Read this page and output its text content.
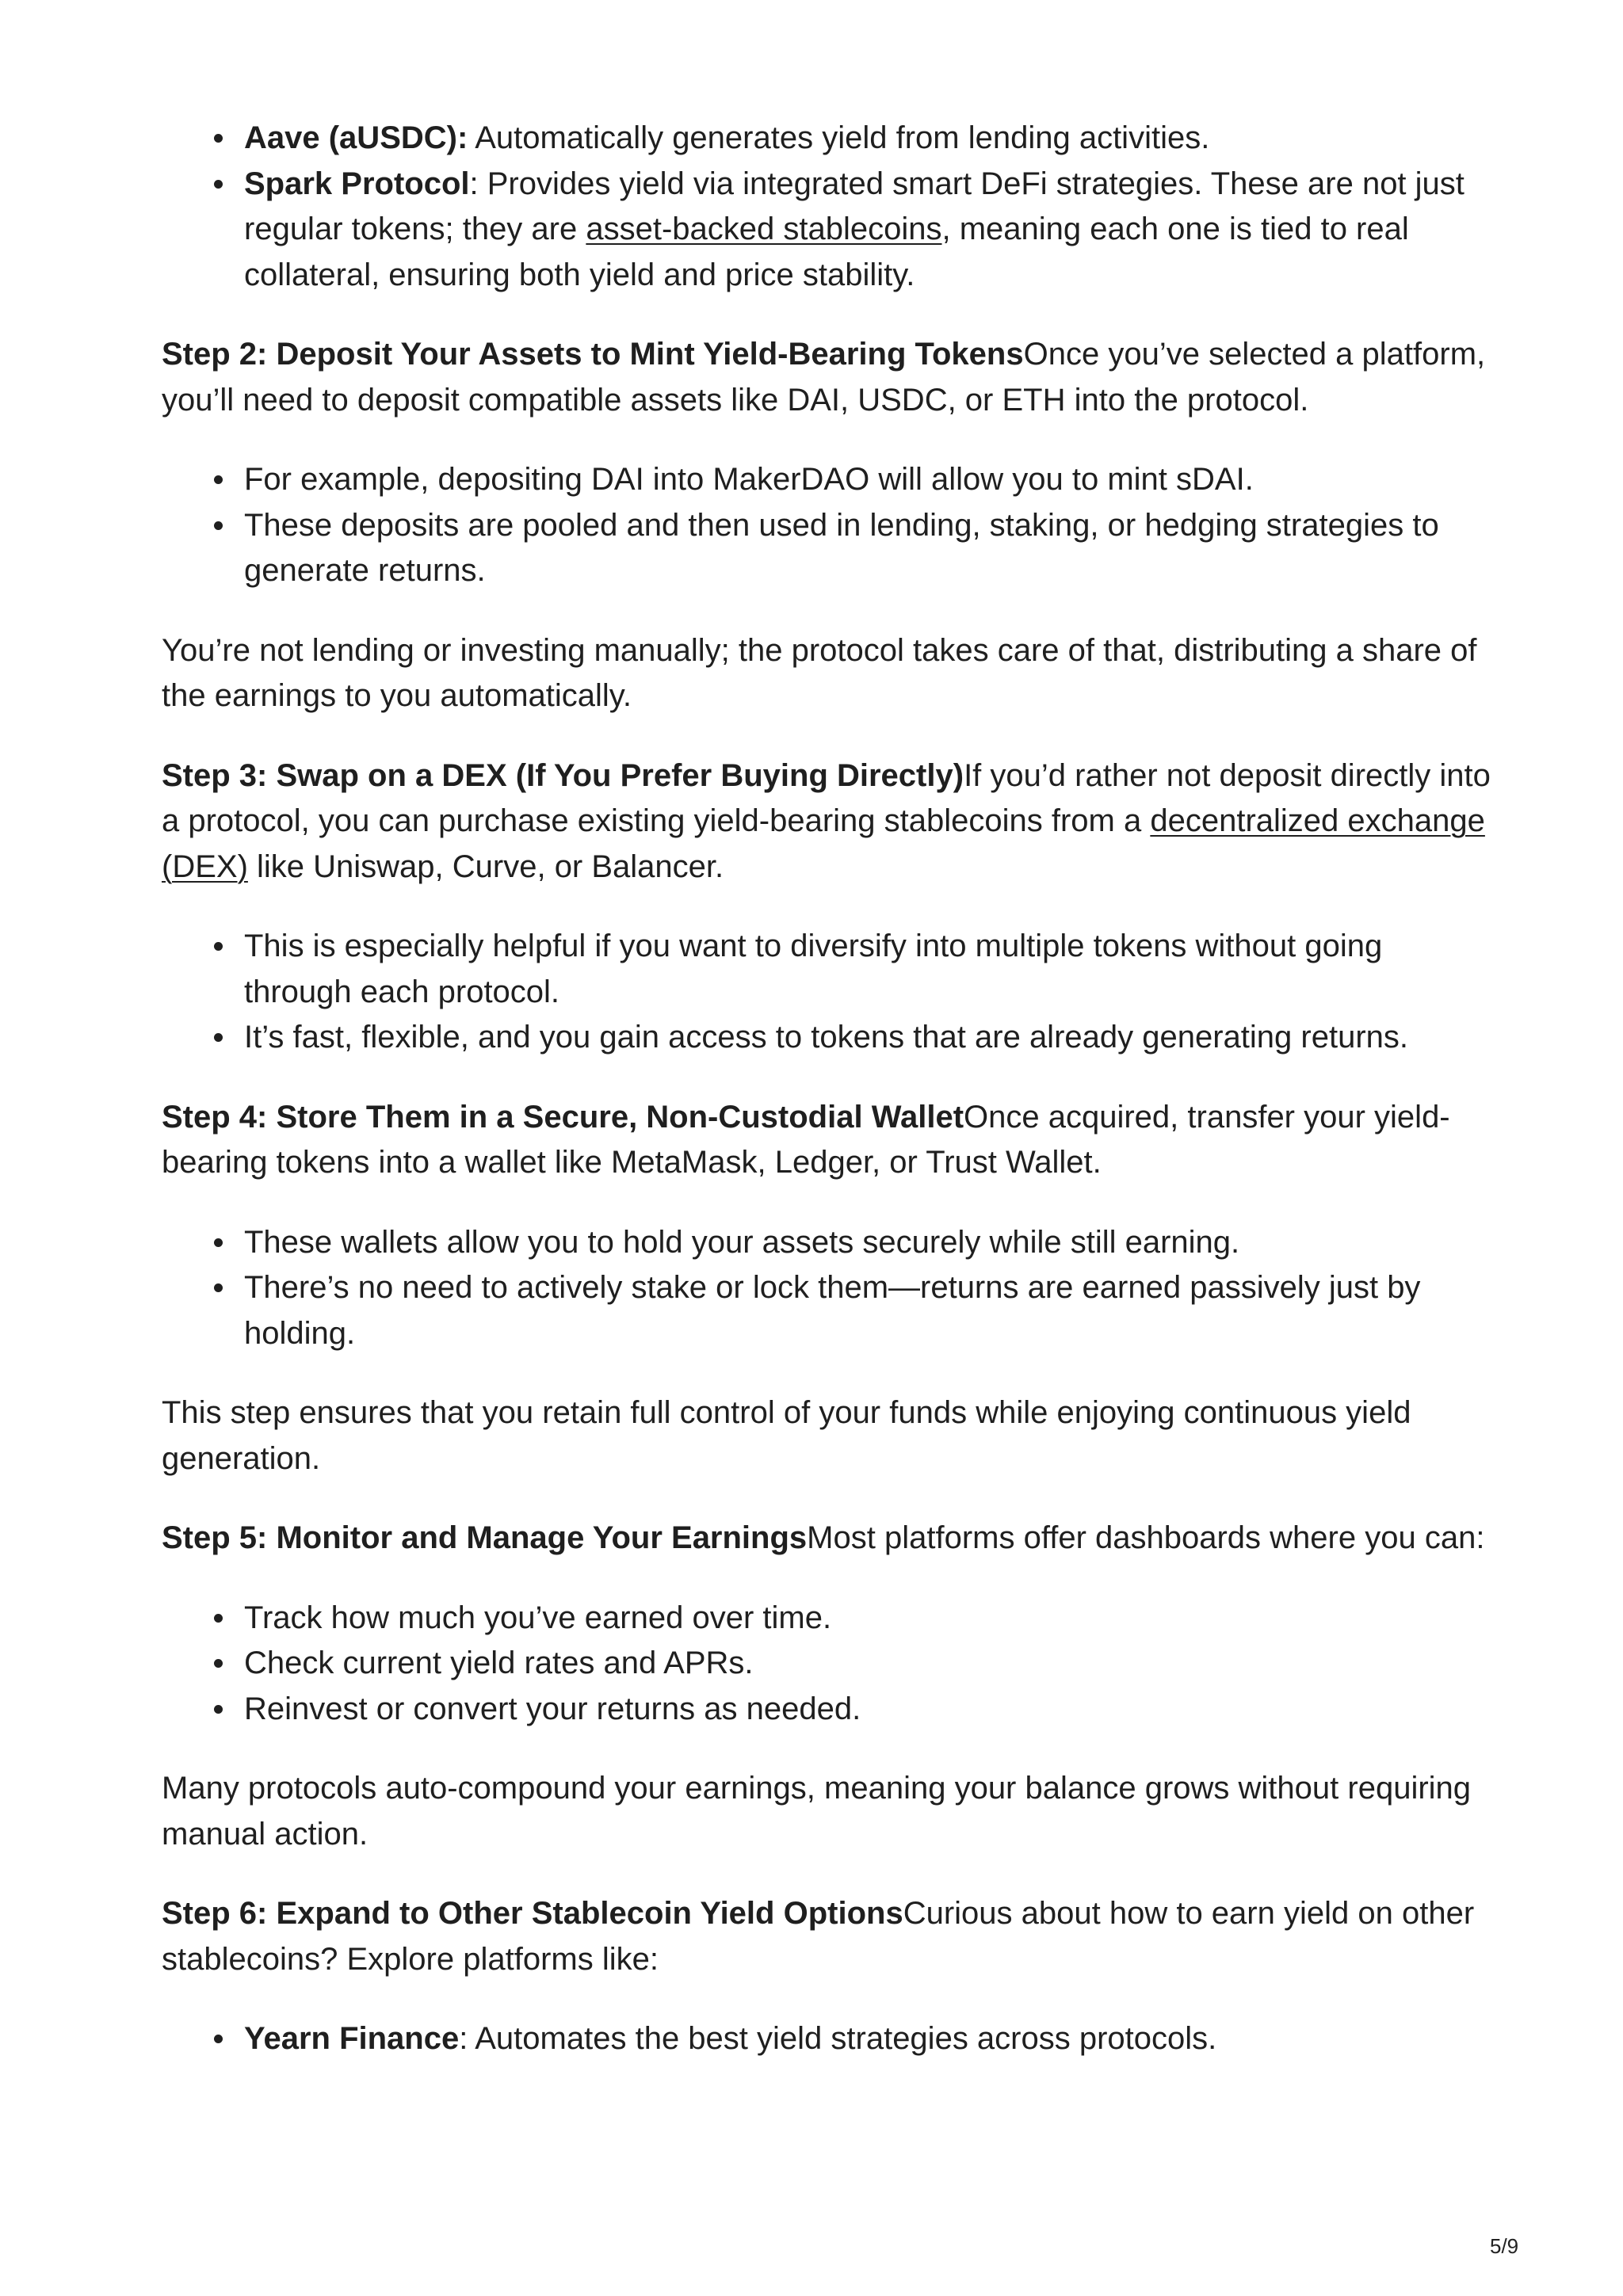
Aave (aUSDC): Automatically generates yield from lending activities.
Spark Protocol: Provides yield via integrated smart DeFi strategies. These are not just regular tokens; they are asset-backed stablecoins, meaning each one is tied to real collateral, ensuring both yield and price stability.

Step 2: Deposit Your Assets to Mint Yield-Bearing TokensOnce you’ve selected a platform, you’ll need to deposit compatible assets like DAI, USDC, or ETH into the protocol.

For example, depositing DAI into MakerDAO will allow you to mint sDAI.
These deposits are pooled and then used in lending, staking, or hedging strategies to generate returns.

You’re not lending or investing manually; the protocol takes care of that, distributing a share of the earnings to you automatically.

Step 3: Swap on a DEX (If You Prefer Buying Directly)If you’d rather not deposit directly into a protocol, you can purchase existing yield-bearing stablecoins from a decentralized exchange (DEX) like Uniswap, Curve, or Balancer.

This is especially helpful if you want to diversify into multiple tokens without going through each protocol.
It’s fast, flexible, and you gain access to tokens that are already generating returns.

Step 4: Store Them in a Secure, Non-Custodial WalletOnce acquired, transfer your yield-bearing tokens into a wallet like MetaMask, Ledger, or Trust Wallet.

These wallets allow you to hold your assets securely while still earning.
There’s no need to actively stake or lock them—returns are earned passively just by holding.

This step ensures that you retain full control of your funds while enjoying continuous yield generation.

Step 5: Monitor and Manage Your EarningsMost platforms offer dashboards where you can:

Track how much you’ve earned over time.
Check current yield rates and APRs.
Reinvest or convert your returns as needed.

Many protocols auto-compound your earnings, meaning your balance grows without requiring manual action.

Step 6: Expand to Other Stablecoin Yield OptionsCurious about how to earn yield on other stablecoins? Explore platforms like:

Yearn Finance: Automates the best yield strategies across protocols.
5/9
